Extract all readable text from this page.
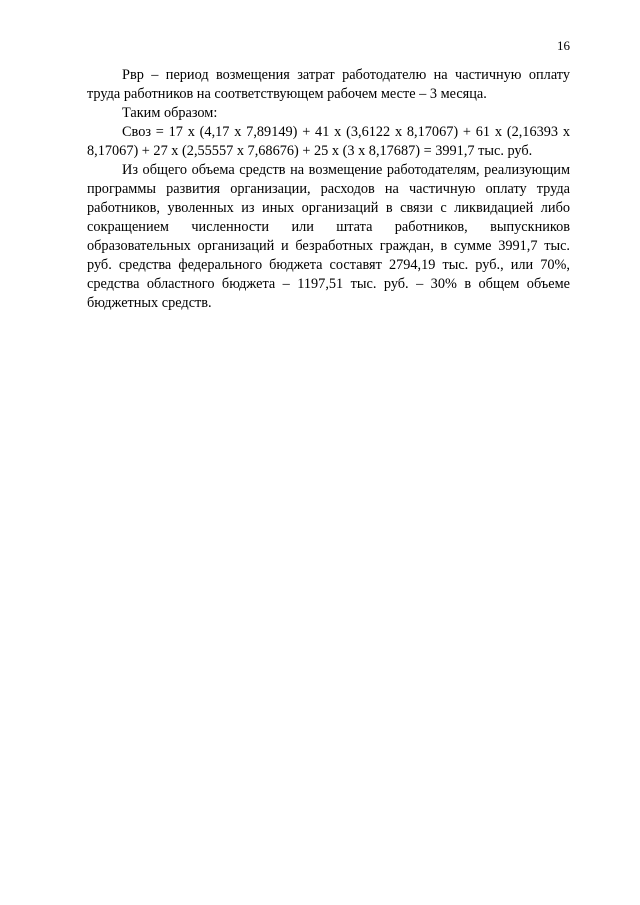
16

Рвр – период возмещения затрат работодателю на частичную оплату труда работников на соответствующем рабочем месте – 3 месяца.

Таким образом:

Своз = 17 х (4,17 х 7,89149) + 41 х (3,6122 х 8,17067) + 61 х (2,16393 х 8,17067) + 27 х (2,55557 х 7,68676) + 25 х (3 х 8,17687) = 3991,7 тыс. руб.

Из общего объема средств на возмещение работодателям, реализующим программы развития организации, расходов на частичную оплату труда работников, уволенных из иных организаций в связи с ликвидацией либо сокращением численности или штата работников, выпускников образовательных организаций и безработных граждан, в сумме 3991,7 тыс. руб. средства федерального бюджета составят 2794,19 тыс. руб., или 70%, средства областного бюджета – 1197,51 тыс. руб. – 30% в общем объеме бюджетных средств.
